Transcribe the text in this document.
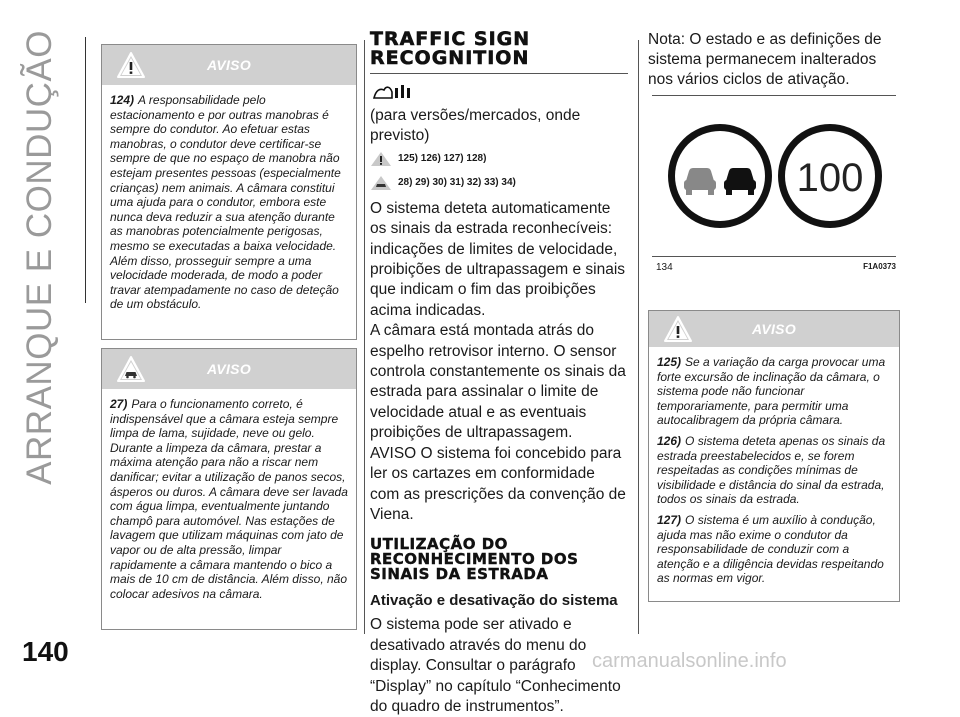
ARRANQUE E CONDUÇÃO	AVISO

124) A responsabilidade pelo estacionamento e por outras manobras é sempre do condutor. Ao efetuar estas manobras, o condutor deve certificar-se sempre de que no espaço de manobra não estejam presentes pessoas (especialmente crianças) nem animais. A câmara constitui uma ajuda para o condutor, embora este nunca deva reduzir a sua atenção durante as manobras potencialmente perigosas, mesmo se executadas a baixa velocidade. Além disso, prosseguir sempre a uma velocidade moderada, de modo a poder travar atempadamente no caso de deteção de um obstáculo.

AVISO

27) Para o funcionamento correto, é indispensável que a câmara esteja sempre limpa de lama, sujidade, neve ou gelo. Durante a limpeza da câmara, prestar a máxima atenção para não a riscar nem danificar; evitar a utilização de panos secos, ásperos ou duros. A câmara deve ser lavada com água limpa, eventualmente juntando champô para automóvel. Nas estações de lavagem que utilizam máquinas com jato de vapor ou de alta pressão, limpar rapidamente a câmara mantendo o bico a mais de 10 cm de distância. Além disso, não colocar adesivos na câmara.

TRAFFIC SIGN
RECOGNITION

(para versões/mercados, onde previsto)

125) 126) 127) 128)
28) 29) 30) 31) 32) 33) 34)

O sistema deteta automaticamente os sinais da estrada reconhecíveis: indicações de limites de velocidade, proibições de ultrapassagem e sinais que indicam o fim das proibições acima indicadas.

A câmara está montada atrás do espelho retrovisor interno. O sensor controla constantemente os sinais da estrada para assinalar o limite de velocidade atual e as eventuais proibições de ultrapassagem.

AVISO O sistema foi concebido para ler os cartazes em conformidade com as prescrições da convenção de Viena.

UTILIZAÇÃO DO
RECONHECIMENTO DOS
SINAIS DA ESTRADA
Ativação e desativação do sistema

O sistema pode ser ativado e desativado através do menu do display. Consultar o parágrafo “Display” no capítulo “Conhecimento do quadro de instrumentos”.

Nota: O estado e as definições de sistema permanecem inalterados nos vários ciclos de ativação.

100
134	F1A0373
AVISO

125) Se a variação da carga provocar uma forte excursão de inclinação da câmara, o sistema pode não funcionar temporariamente, para permitir uma autocalibragem da própria câmara.

126) O sistema deteta apenas os sinais da estrada preestabelecidos e, se forem respeitadas as condições mínimas de visibilidade e distância do sinal da estrada, todos os sinais da estrada.

127) O sistema é um auxílio à condução, ajuda mas não exime o condutor da responsabilidade de conduzir com a atenção e a diligência devidas respeitando as normas em vigor.

140	carmanualsonline.info
